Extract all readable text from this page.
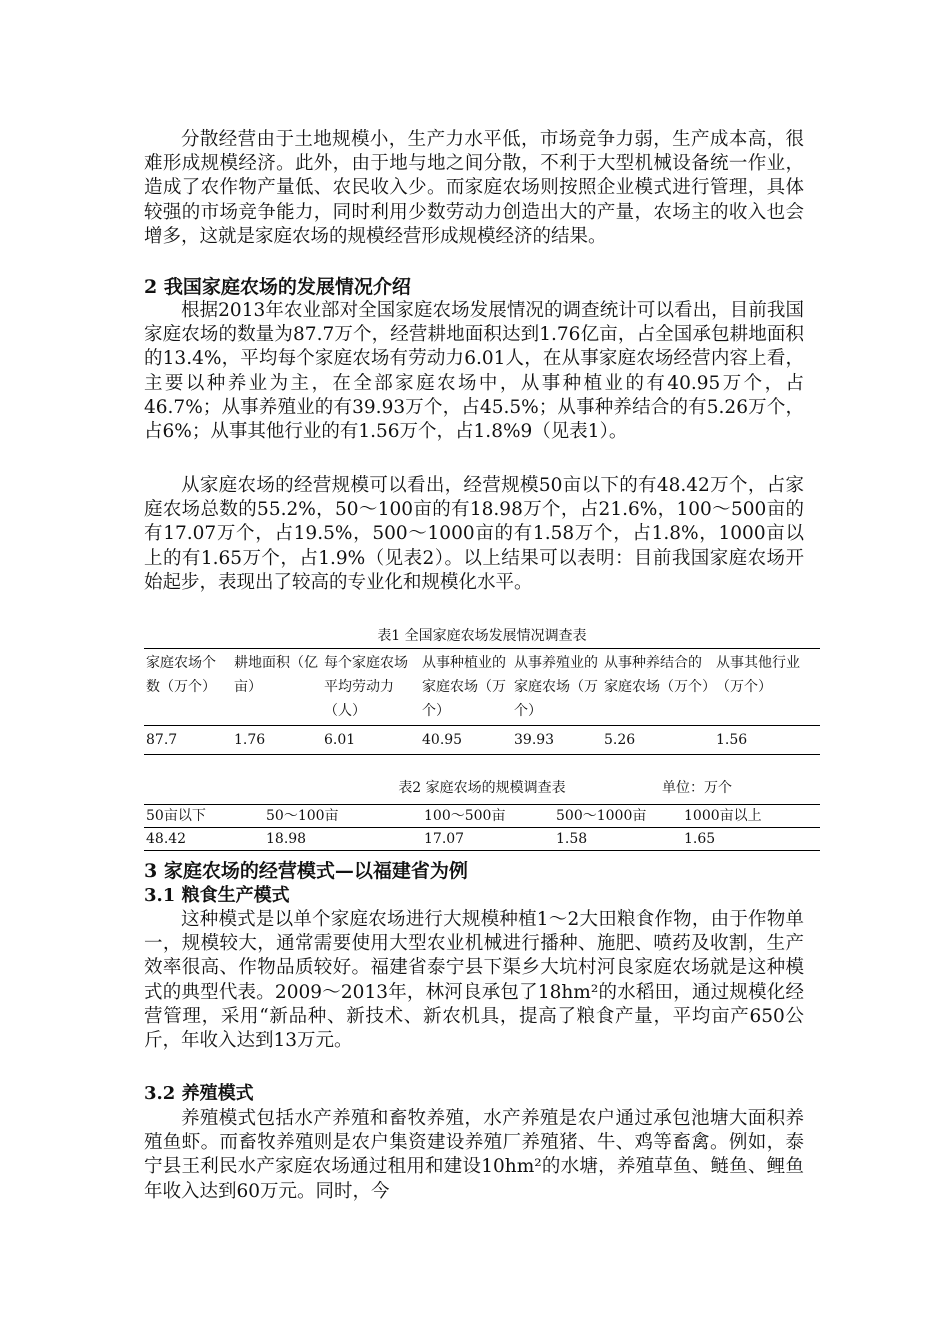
分散经营由于土地规模小，生产力水平低，市场竞争力弱，生产成本高，很难形成规模经济。此外，由于地与地之间分散，不利于大型机械设备统一作业，造成了农作物产量低、农民收入少。而家庭农场则按照企业模式进行管理，具体较强的市场竞争能力，同时利用少数劳动力创造出大的产量，农场主的收入也会增多，这就是家庭农场的规模经营形成规模经济的结果。

2 我国家庭农场的发展情况介绍

根据2013年农业部对全国家庭农场发展情况的调查统计可以看出，目前我国家庭农场的数量为87.7万个，经营耕地面积达到1.76亿亩，占全国承包耕地面积的13.4%，平均每个家庭农场有劳动力6.01人，在从事家庭农场经营内容上看，主要以种养业为主，在全部家庭农场中，从事种植业的有40.95万个，占46.7%；从事养殖业的有39.93万个，占45.5%；从事种养结合的有5.26万个，占6%；从事其他行业的有1.56万个，占1.8%9（见表1）。

从家庭农场的经营规模可以看出，经营规模50亩以下的有48.42万个，占家庭农场总数的55.2%，50～100亩的有18.98万个，占21.6%，100～500亩的有17.07万个，占19.5%，500～1000亩的有1.58万个，占1.8%，1000亩以上的有1.65万个，占1.9%（见表2）。以上结果可以表明：目前我国家庭农场开始起步，表现出了较高的专业化和规模化水平。

表1 全国家庭农场发展情况调查表

家庭农场个数（万个）	耕地面积（亿亩）	每个家庭农场平均劳动力（人）	从事种植业的家庭农场（万个）	从事养殖业的家庭农场（万个）	从事种养结合的家庭农场（万个）	从事其他行业（万个）
87.7	1.76	6.01	40.95	39.93	5.26	1.56

表2 家庭农场的规模调查表	单位：万个
50亩以下	50～100亩	100～500亩	500～1000亩	1000亩以上
48.42	18.98	17.07	1.58	1.65
3 家庭农场的经营模式—以福建省为例
3.1 粮食生产模式

这种模式是以单个家庭农场进行大规模种植1～2大田粮食作物，由于作物单一，规模较大，通常需要使用大型农业机械进行播种、施肥、喷药及收割，生产效率很高、作物品质较好。福建省泰宁县下渠乡大坑村河良家庭农场就是这种模式的典型代表。2009～2013年，林河良承包了18hm²的水稻田，通过规模化经营管理，采用“新品种、新技术、新农机具，提高了粮食产量，平均亩产650公斤，年收入达到13万元。

3.2 养殖模式

养殖模式包括水产养殖和畜牧养殖，水产养殖是农户通过承包池塘大面积养殖鱼虾。而畜牧养殖则是农户集资建设养殖厂养殖猪、牛、鸡等畜禽。例如，泰宁县王利民水产家庭农场通过租用和建设10hm²的水塘，养殖草鱼、鲢鱼、鲤鱼年收入达到60万元。同时，今
